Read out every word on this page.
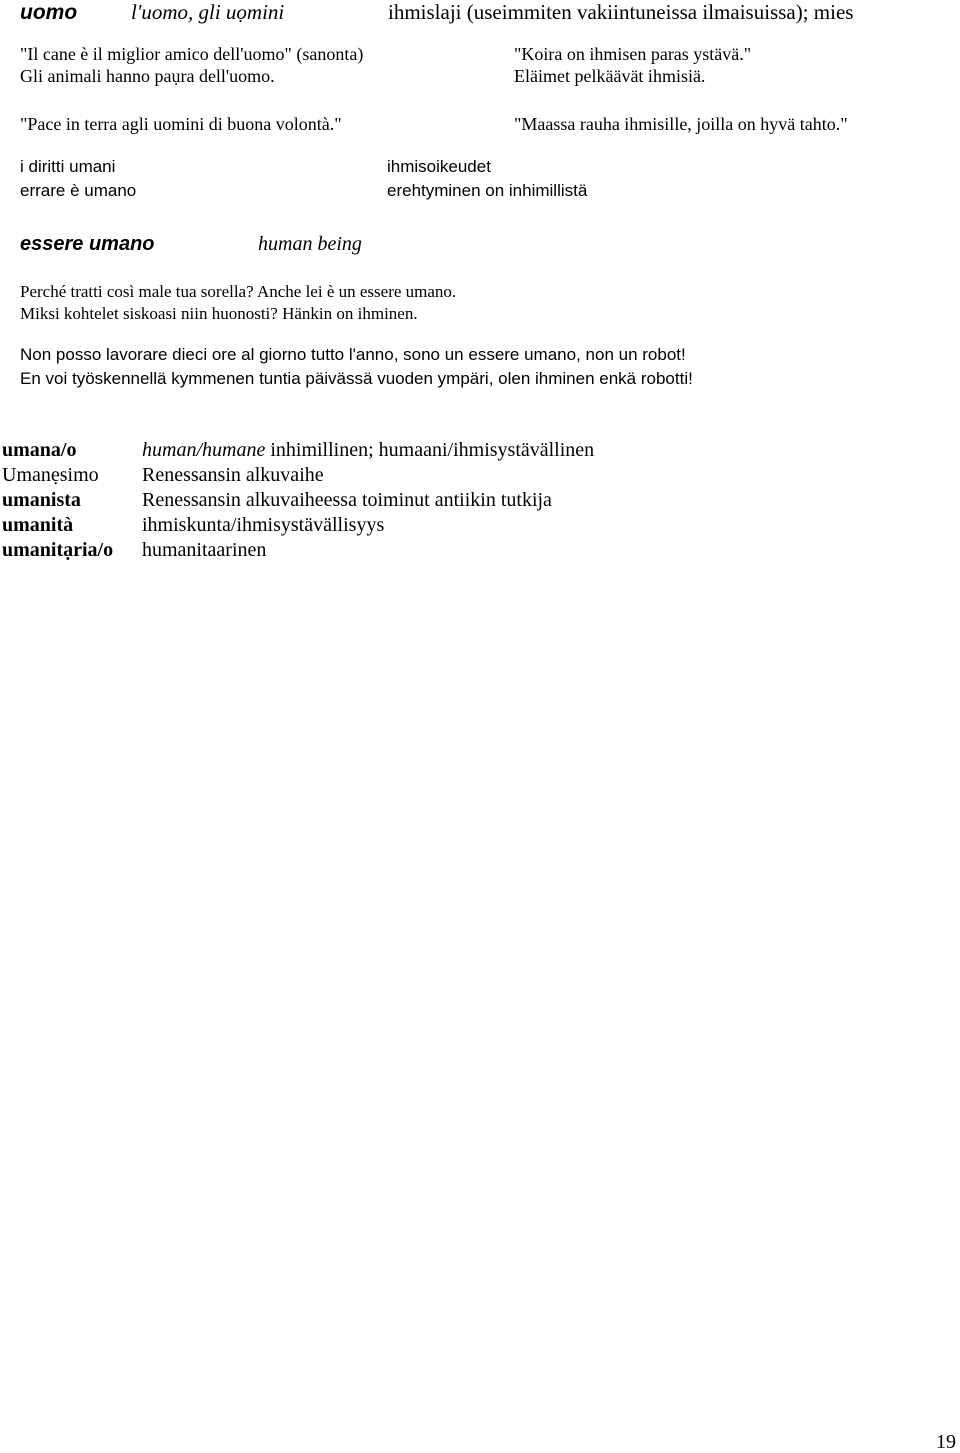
uomo	l'uomo, gli uọmini	ihmislaji (useimmiten vakiintuneissa ilmaisuissa); mies
"Il cane è il miglior amico dell'uomo" (sanonta)	"Koira on ihmisen paras ystävä."
Gli animali hanno paụra dell'uomo.	Eläimet pelkäävät ihmisiä.
"Pace in terra agli uomini di buona volontà."	"Maassa rauha ihmisille, joilla on hyvä tahto."
i diritti umani	ihmisoikeudet
errare è umano	erehtyminen on inhimillistä
essere umano	human being
Perché tratti così male tua sorella? Anche lei è un essere umano.
Miksi kohtelet siskoasi niin huonosti? Hänkin on ihminen.
Non posso lavorare dieci ore al giorno tutto l'anno, sono un essere umano, non un robot!
En voi työskennellä kymmenen tuntia päivässä vuoden ympäri, olen ihminen enkä robotti!
umana/o	human/humane inhimillinen; humaani/ihmisystävällinen
Umanẹsimo Renessansin alkuvaihe
umanista	Renessansin alkuvaiheessa toiminut antiikin tutkija
umanità	ihmiskunta/ihmisystävällisyys
umanitạria/o humanitaarinen
19
